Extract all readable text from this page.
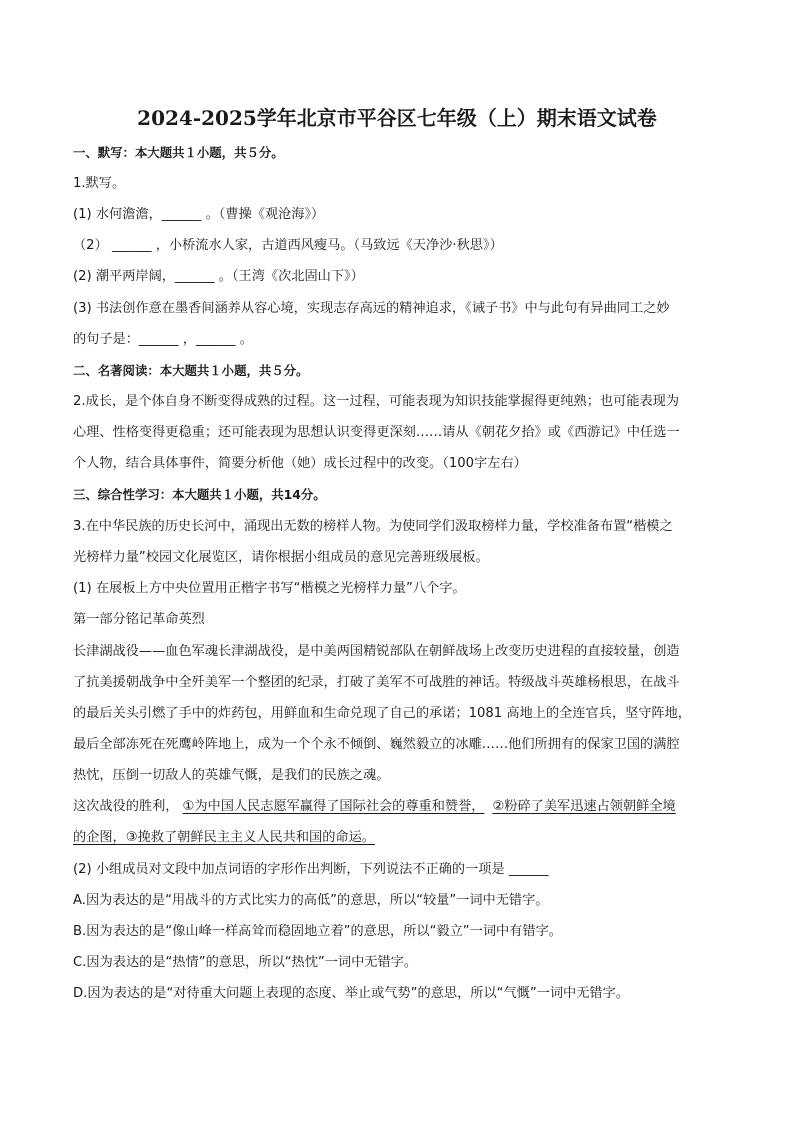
2024-2025学年北京市平谷区七年级（上）期末语文试卷
一、默写：本大题共１小题，共５分。
1.默写。
(1) 水何澹澹，______ 。（曹操《观沧海》）
（2） ______ ，小桥流水人家，古道西风瘦马。（马致远《天净沙·秋思》）
(2) 潮平两岸阔，______ 。（王湾《次北固山下》）
(3) 书法创作意在墨香间涵养从容心境，实现志存高远的精神追求，《诫子书》中与此句有异曲同工之妙
的句子是：______ ，______ 。
二、名著阅读：本大题共１小题，共５分。
2.成长，是个体自身不断变得成熟的过程。这一过程，可能表现为知识技能掌握得更纯熟；也可能表现为
心理、性格变得更稳重；还可能表现为思想认识变得更深刻……请从《朝花夕拾》或《西游记》中任选一
个人物，结合具体事件，简要分析他（她）成长过程中的改变。（100字左右）
三、综合性学习：本大题共１小题，共14分。
3.在中华民族的历史长河中，涌现出无数的榜样人物。为使同学们汲取榜样力量，学校准备布置“楷模之
光榜样力量”校园文化展览区，请你根据小组成员的意见完善班级展板。
(1) 在展板上方中央位置用正楷字书写“楷模之光榜样力量”八个字。
第一部分铭记革命英烈
长津湖战役——血色军魂长津湖战役，是中美两国精锐部队在朝鲜战场上改变历史进程的直接较量，创造
了抗美援朝战争中全歼美军一个整团的纪录，打破了美军不可战胜的神话。特级战斗英雄杨根思，在战斗
的最后关头引燃了手中的炸药包，用鲜血和生命兑现了自己的承诺；1081 高地上的全连官兵，坚守阵地，
最后全部冻死在死鹰岭阵地上，成为一个个永不倾倒、巍然毅立的冰雕……他们所拥有的保家卫国的满腔
热忱，压倒一切敌人的英雄气慨，是我们的民族之魂。
这次战役的胜利， ①为中国人民志愿军赢得了国际社会的尊重和赞誉， ②粉碎了美军迅速占领朝鲜全境
的企图，③挽救了朝鲜民主主义人民共和国的命运。
(2) 小组成员对文段中加点词语的字形作出判断，下列说法不正确的一项是 ______
A.因为表达的是“用战斗的方式比实力的高低”的意思，所以“较量”一词中无错字。
B.因为表达的是“像山峰一样高耸而稳固地立着”的意思，所以“毅立”一词中有错字。
C.因为表达的是“热情”的意思，所以“热忱”一词中无错字。
D.因为表达的是“对待重大问题上表现的态度、举止或气势”的意思，所以“气慨”一词中无错字。
